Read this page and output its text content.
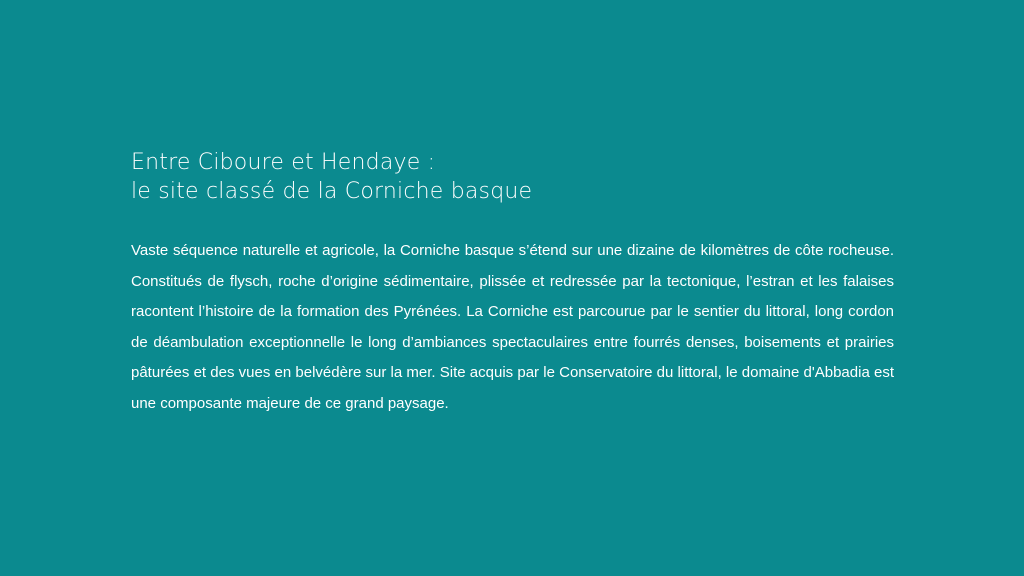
Entre Ciboure et Hendaye :
le site classé de la Corniche basque

Vaste séquence naturelle et agricole, la Corniche basque s’étend sur une dizaine de kilomètres de côte rocheuse. Constitués de flysch, roche d’origine sédimentaire, plissée et redressée par la tectonique, l’estran et les falaises racontent l’histoire de la formation des Pyrénées. La Corniche est parcourue par le sentier du littoral, long cordon de déambulation exceptionnelle le long d’ambiances spectaculaires entre fourrés denses, boisements et prairies pâturées et des vues en belvédère sur la mer. Site acquis par le Conservatoire du littoral, le domaine d'Abbadia est une composante majeure de ce grand paysage.
